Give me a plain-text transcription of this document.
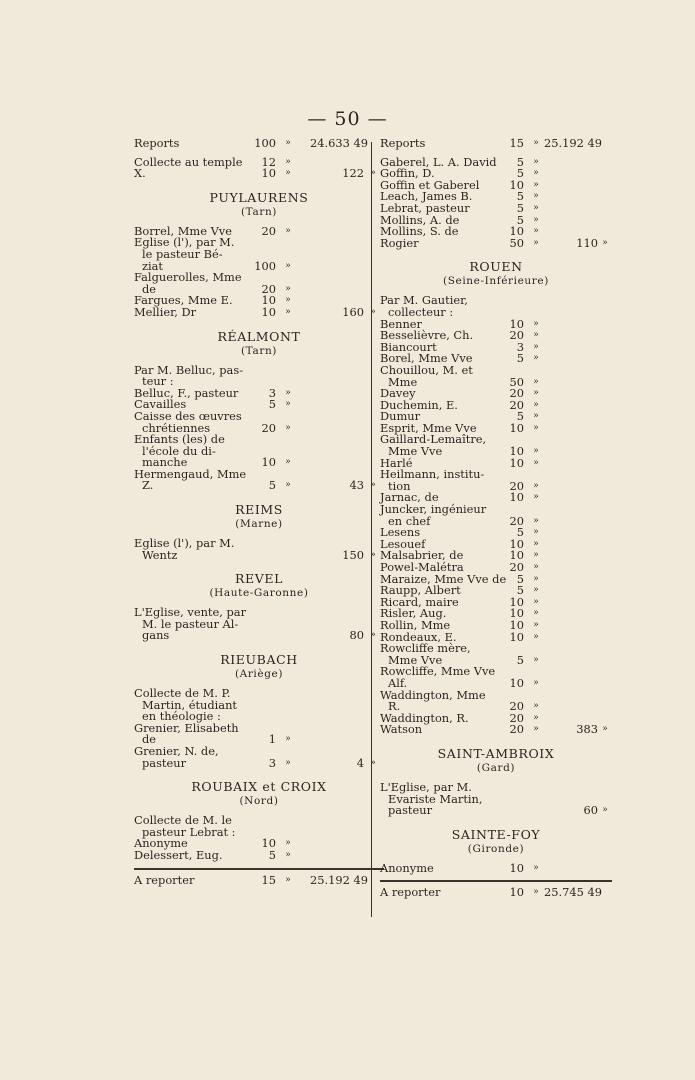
— 50 —
Reports	100	» 24.633 49
Collecte au temple	12	»
X.	10	»	122 »
PUYLAURENS
(Tarn)
Borrel, Mme Vve	20	»
Eglise (l'), par M.
le pasteur Bé-
ziat	100	»
Falguerolles, Mme
de	20	»
Fargues, Mme E.	10	»
Mellier, Dr	10	»	160 »
RÉALMONT
(Tarn)
Par M. Belluc, pas-
teur :
Belluc, F., pasteur	3	»
Cavailles	5	»
Caisse des œuvres
chrétiennes	20	»
Enfants (les) de
l'école du di-
manche	10	»
Hermengaud, Mme
Z.	5	»	43 »
REIMS
(Marne)
Eglise (l'), par M.
Wentz	150 »
REVEL
(Haute-Garonne)
L'Eglise, vente, par
M. le pasteur Al-
gans	80 »
RIEUBACH
(Ariège)
Collecte de M. P.
Martin, étudiant
en théologie :
Grenier, Elisabeth
de	1	»
Grenier, N. de,
pasteur	3	»	4 »
ROUBAIX et CROIX
(Nord)
Collecte de M. le
pasteur Lebrat :
Anonyme	10	»
Delessert, Eug.	5	»
A reporter	15	» 25.192 49
Reports	15	» 25.192 49
Gaberel, L. A. David	5	»
Goffin, D.	5	»
Goffin et Gaberel	10	»
Leach, James B.	5	»
Lebrat, pasteur	5	»
Mollins, A. de	5	»
Mollins, S. de	10	»
Rogier	50	»	110 »
ROUEN
(Seine-Inférieure)
Par M. Gautier,
collecteur :
Benner	10	»
Besselièvre, Ch.	20	»
Biancourt	3	»
Borel, Mme Vve	5	»
Chouillou, M. et
Mme	50	»
Davey	20	»
Duchemin, E.	20	»
Dumur	5	»
Esprit, Mme Vve	10	»
Gaillard-Lemaître,
Mme Vve	10	»
Harlé	10	»
Heilmann, institu-
tion	20	»
Jarnac, de	10	»
Juncker, ingénieur
en chef	20	»
Lesens	5	»
Lesouef	10	»
Malsabrier, de	10	»
Powel-Malétra	20	»
Maraize, Mme Vve de 5	»
Raupp, Albert	5	»
Ricard, maire	10	»
Risler, Aug.	10	»
Rollin, Mme	10	»
Rondeaux, E.	10	»
Rowcliffe mère,
Mme Vve	5	»
Rowcliffe, Mme Vve
Alf.	10	»
Waddington, Mme
R.	20	»
Waddington, R.	20	»
Watson	20	»	383 »
SAINT-AMBROIX
(Gard)
L'Eglise, par M.
Evariste Martin,
pasteur	60 »
SAINTE-FOY
(Gironde)
Anonyme	10	»
A reporter	10	» 25.745 49
